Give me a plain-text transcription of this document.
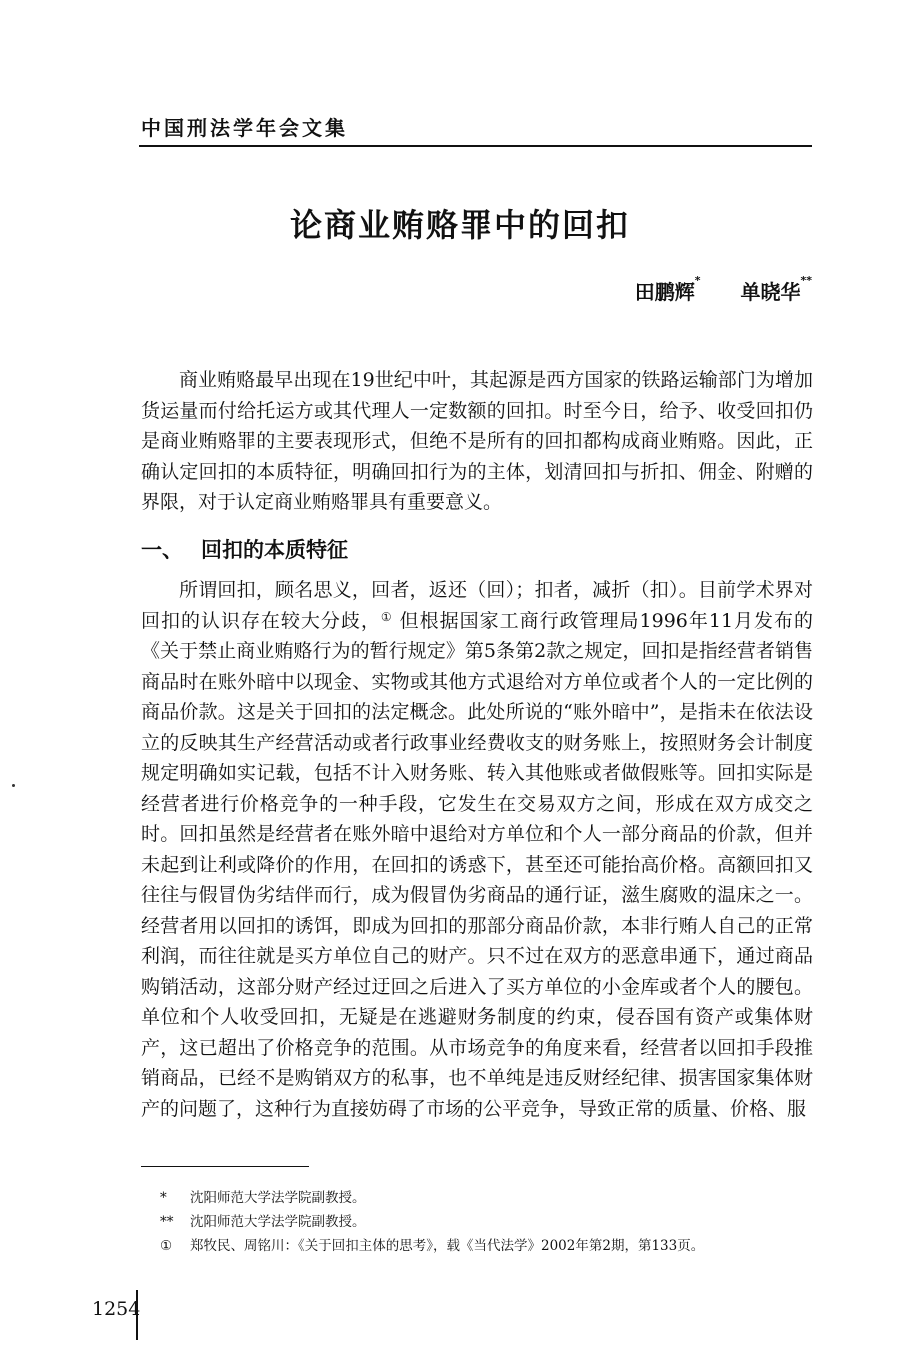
中国刑法学年会文集
论商业贿赂罪中的回扣
田鹏辉* 单晓华**

商业贿赂最早出现在19世纪中叶，其起源是西方国家的铁路运输部门为增加货运量而付给托运方或其代理人一定数额的回扣。时至今日，给予、收受回扣仍是商业贿赂罪的主要表现形式，但绝不是所有的回扣都构成商业贿赂。因此，正确认定回扣的本质特征，明确回扣行为的主体，划清回扣与折扣、佣金、附赠的界限，对于认定商业贿赂罪具有重要意义。

一、 回扣的本质特征

所谓回扣，顾名思义，回者，返还（回）；扣者，减折（扣）。目前学术界对回扣的认识存在较大分歧，① 但根据国家工商行政管理局1996年11月发布的《关于禁止商业贿赂行为的暂行规定》第5条第2款之规定，回扣是指经营者销售商品时在账外暗中以现金、实物或其他方式退给对方单位或者个人的一定比例的商品价款。这是关于回扣的法定概念。此处所说的“账外暗中”，是指未在依法设立的反映其生产经营活动或者行政事业经费收支的财务账上，按照财务会计制度规定明确如实记载，包括不计入财务账、转入其他账或者做假账等。回扣实际是经营者进行价格竞争的一种手段，它发生在交易双方之间，形成在双方成交之时。回扣虽然是经营者在账外暗中退给对方单位和个人一部分商品的价款，但并未起到让利或降价的作用，在回扣的诱惑下，甚至还可能抬高价格。高额回扣又往往与假冒伪劣结伴而行，成为假冒伪劣商品的通行证，滋生腐败的温床之一。经营者用以回扣的诱饵，即成为回扣的那部分商品价款，本非行贿人自己的正常利润，而往往就是买方单位自己的财产。只不过在双方的恶意串通下，通过商品购销活动，这部分财产经过迂回之后进入了买方单位的小金库或者个人的腰包。单位和个人收受回扣，无疑是在逃避财务制度的约束，侵吞国有资产或集体财产，这已超出了价格竞争的范围。从市场竞争的角度来看，经营者以回扣手段推销商品，已经不是购销双方的私事，也不单纯是违反财经纪律、损害国家集体财产的问题了，这种行为直接妨碍了市场的公平竞争，导致正常的质量、价格、服

* 沈阳师范大学法学院副教授。
** 沈阳师范大学法学院副教授。
① 郑牧民、周铭川：《关于回扣主体的思考》，载《当代法学》2002年第2期，第133页。
1254
